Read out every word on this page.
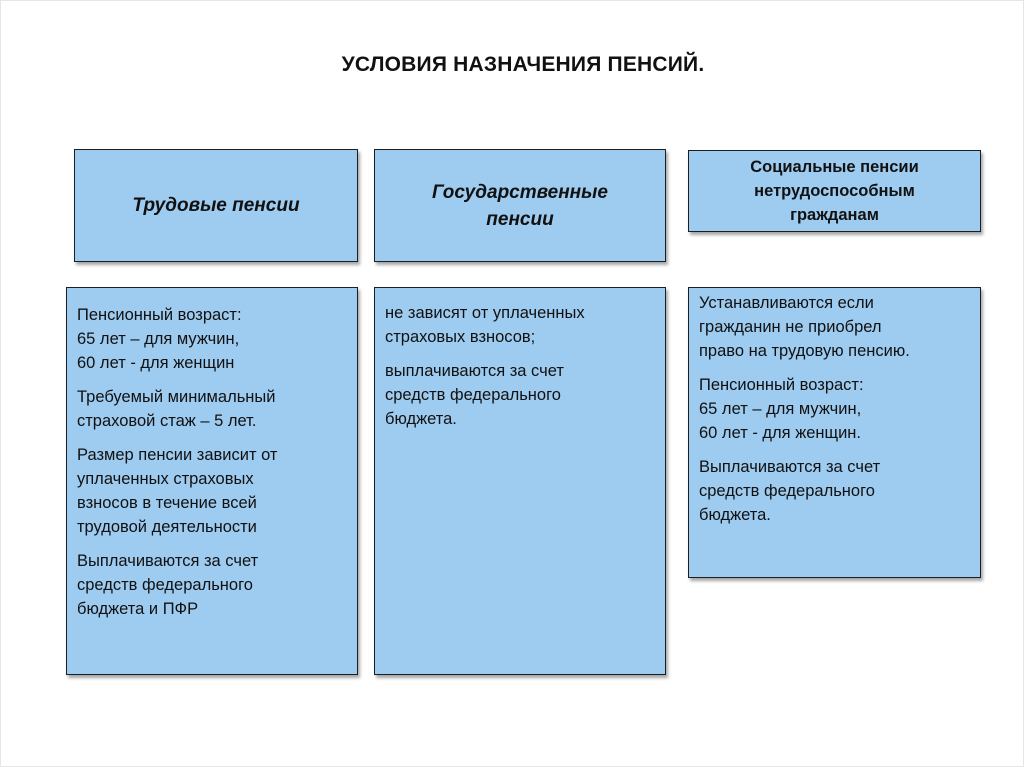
УСЛОВИЯ НАЗНАЧЕНИЯ ПЕНСИЙ.
Трудовые пенсии
Государственные
пенсии
Социальные пенсии
нетрудоспособным
гражданам

Пенсионный возраст:
65 лет – для мужчин,
60 лет - для женщин

Требуемый минимальный
страховой стаж – 5 лет.

Размер пенсии зависит от
уплаченных страховых
взносов в течение всей
трудовой деятельности

Выплачиваются за счет
средств федерального
бюджета и ПФР

не зависят от уплаченных
страховых взносов;

выплачиваются за счет
средств федерального
бюджета.

Устанавливаются если
гражданин не приобрел
право на трудовую пенсию.

Пенсионный возраст:
65 лет – для мужчин,
60 лет - для женщин.

Выплачиваются за счет
средств федерального
бюджета.
